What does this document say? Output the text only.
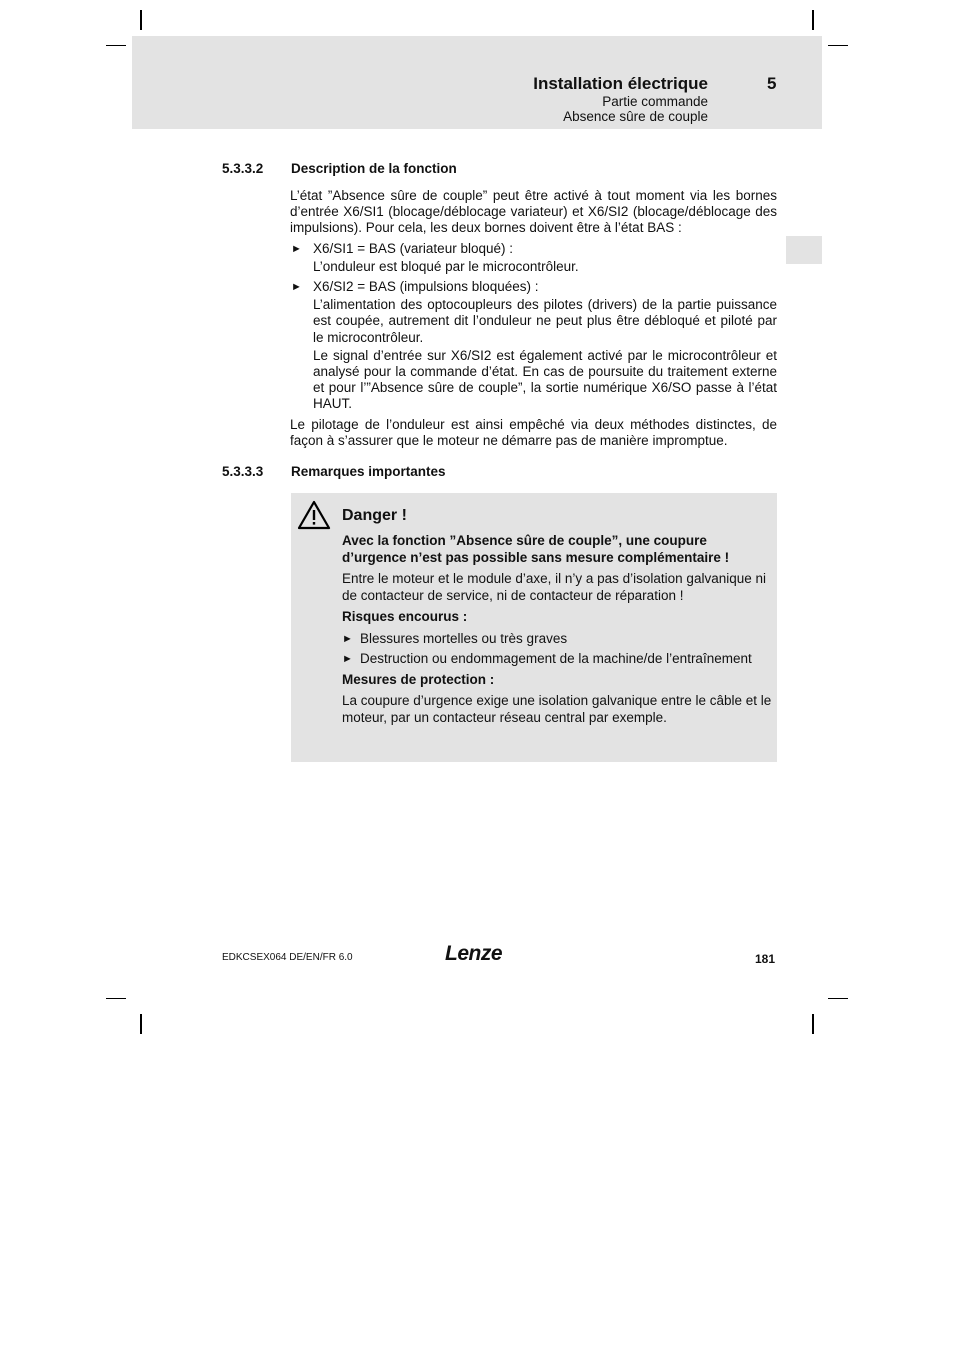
Installation électrique	5
Partie commande
Absence sûre de couple
5.3.3.2 Description de la fonction

L’état ”Absence sûre de couple” peut être activé à tout moment via les bornes d’entrée X6/SI1 (blocage/déblocage variateur) et X6/SI2 (blocage/déblocage des impulsions). Pour cela, les deux bornes doivent être à l’état BAS :

► X6/SI1 = BAS (variateur bloqué) :
L’onduleur est bloqué par le microcontrôleur.
► X6/SI2 = BAS (impulsions bloquées) :
L’alimentation des optocoupleurs des pilotes (drivers) de la partie puissance est coupée, autrement dit l’onduleur ne peut plus être débloqué et piloté par le microcontrôleur.
Le signal d’entrée sur X6/SI2 est également activé par le microcontrôleur et analysé pour la commande d’état. En cas de poursuite du traitement externe et pour l’”Absence sûre de couple”, la sortie numérique X6/SO passe à l’état HAUT.

Le pilotage de l’onduleur est ainsi empêché via deux méthodes distinctes, de façon à s’assurer que le moteur ne démarre pas de manière impromptue.

5.3.3.3 Remarques importantes
Danger !

Avec la fonction ”Absence sûre de couple”, une coupure d’urgence n’est pas possible sans mesure complémentaire !

Entre le moteur et le module d’axe, il n’y a pas d’isolation galvanique ni de contacteur de service, ni de contacteur de réparation !

Risques encourus :

► Blessures mortelles ou très graves
► Destruction ou endommagement de la machine/de l’entraînement

Mesures de protection :

La coupure d’urgence exige une isolation galvanique entre le câble et le moteur, par un contacteur réseau central par exemple.

EDKCSEX064 DE/EN/FR 6.0	Lenze	181
